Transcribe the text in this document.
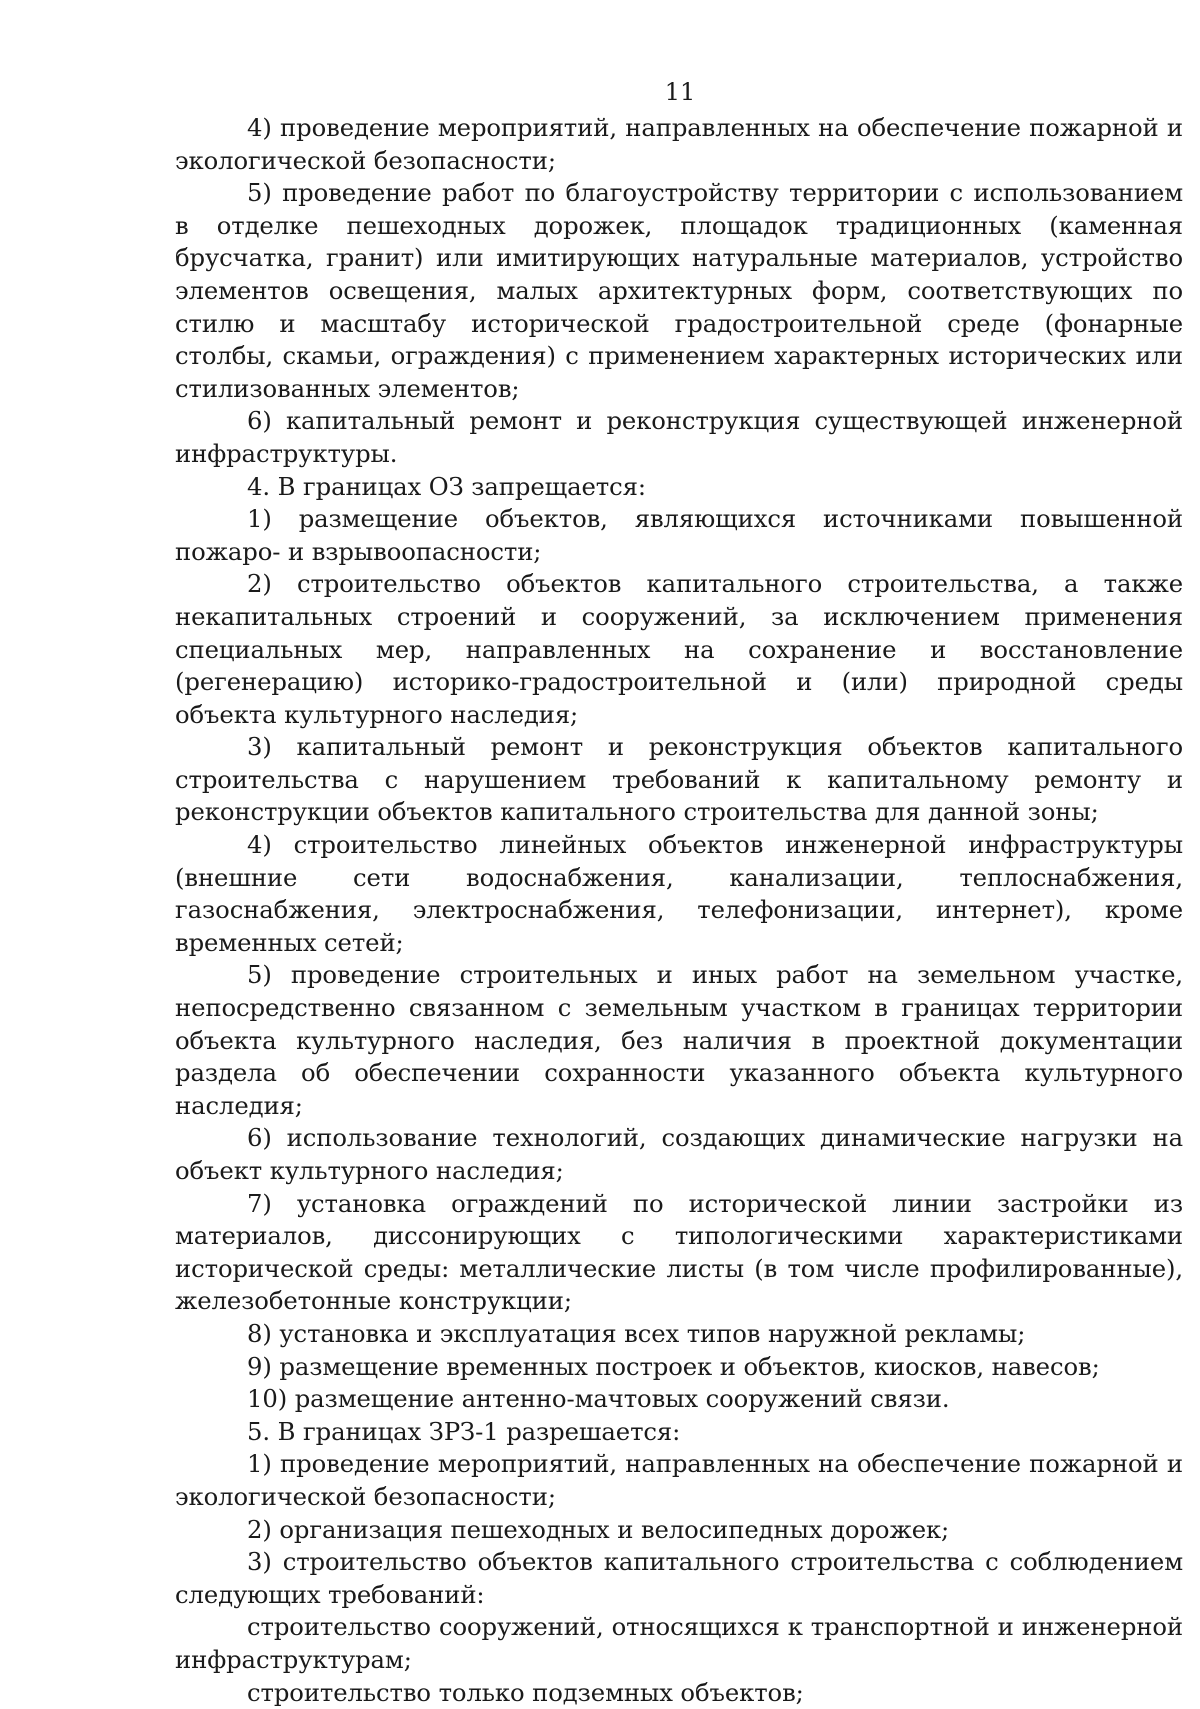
11

4) проведение мероприятий, направленных на обеспечение пожарной и экологической безопасности;

5) проведение работ по благоустройству территории с использованием в отделке пешеходных дорожек, площадок традиционных (каменная брусчатка, гранит) или имитирующих натуральные материалов, устройство элементов освещения, малых архитектурных форм, соответствующих по стилю и масштабу исторической градостроительной среде (фонарные столбы, скамьи, ограждения) с применением характерных исторических или стилизованных элементов;

6) капитальный ремонт и реконструкция существующей инженерной инфраструктуры.

4. В границах ОЗ запрещается:

1) размещение объектов, являющихся источниками повышенной пожаро- и взрывоопасности;

2) строительство объектов капитального строительства, а также некапитальных строений и сооружений, за исключением применения специальных мер, направленных на сохранение и восстановление (регенерацию) историко-градостроительной и (или) природной среды объекта культурного наследия;

3) капитальный ремонт и реконструкция объектов капитального строительства с нарушением требований к капитальному ремонту и реконструкции объектов капитального строительства для данной зоны;

4) строительство линейных объектов инженерной инфраструктуры (внешние сети водоснабжения, канализации, теплоснабжения, газоснабжения, электроснабжения, телефонизации, интернет), кроме временных сетей;

5) проведение строительных и иных работ на земельном участке, непосредственно связанном с земельным участком в границах территории объекта культурного наследия, без наличия в проектной документации раздела об обеспечении сохранности указанного объекта культурного наследия;

6) использование технологий, создающих динамические нагрузки на объект культурного наследия;

7) установка ограждений по исторической линии застройки из материалов, диссонирующих с типологическими характеристиками исторической среды: металлические листы (в том числе профилированные), железобетонные конструкции;

8) установка и эксплуатация всех типов наружной рекламы;

9) размещение временных построек и объектов, киосков, навесов;

10) размещение антенно-мачтовых сооружений связи.

5. В границах ЗРЗ-1 разрешается:

1) проведение мероприятий, направленных на обеспечение пожарной и экологической безопасности;

2) организация пешеходных и велосипедных дорожек;

3) строительство объектов капитального строительства с соблюдением следующих требований:

строительство сооружений, относящихся к транспортной и инженерной инфраструктурам;

строительство только подземных объектов;
